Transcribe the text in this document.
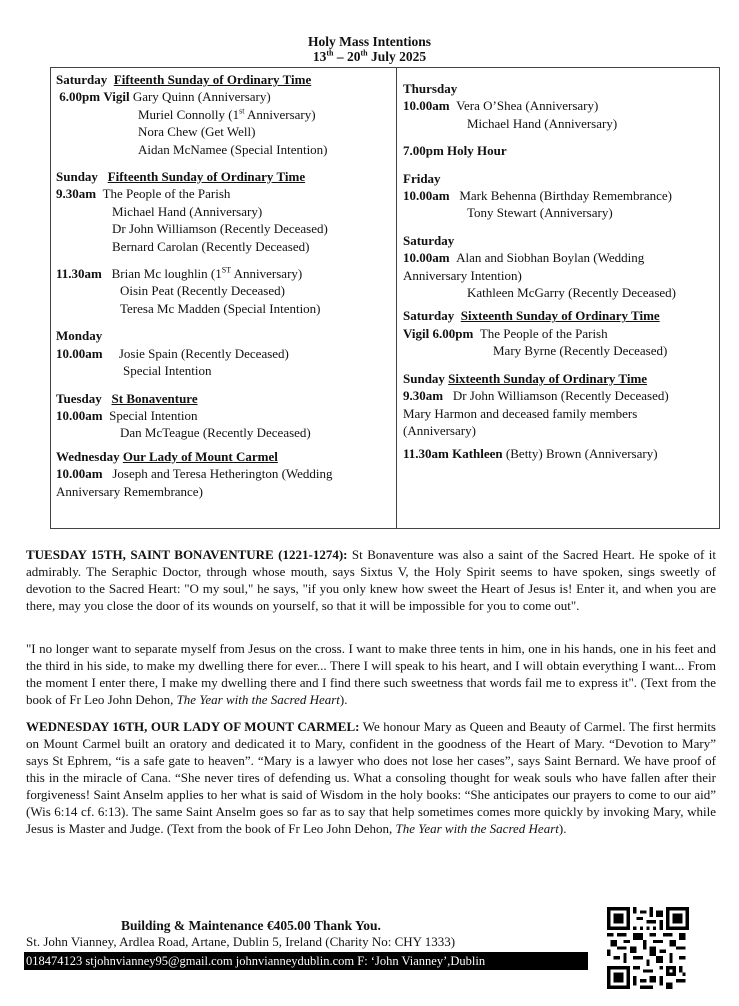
Holy Mass Intentions
13th – 20th July 2025
Saturday Fifteenth Sunday of Ordinary Time
6.00pm Vigil Gary Quinn (Anniversary)
Muriel Connolly (1st Anniversary)
Nora Chew (Get Well)
Aidan McNamee (Special Intention)
Sunday Fifteenth Sunday of Ordinary Time
9.30am The People of the Parish
Michael Hand (Anniversary)
Dr John Williamson (Recently Deceased)
Bernard Carolan (Recently Deceased)
11.30am Brian Mc loughlin (1ST Anniversary)
Oisin Peat (Recently Deceased)
Teresa Mc Madden (Special Intention)
Monday
10.00am Josie Spain (Recently Deceased)
Special Intention
Tuesday St Bonaventure
10.00am Special Intention
Dan McTeague (Recently Deceased)
Wednesday Our Lady of Mount Carmel
10.00am Joseph and Teresa Hetherington (Wedding
Anniversary Remembrance)
Thursday
10.00am Vera O’Shea (Anniversary)
Michael Hand (Anniversary)
7.00pm Holy Hour
Friday
10.00am Mark Behenna (Birthday Remembrance)
Tony Stewart (Anniversary)
Saturday
10.00am Alan and Siobhan Boylan (Wedding
Anniversary Intention)
Kathleen McGarry (Recently Deceased)
Saturday Sixteenth Sunday of Ordinary Time
Vigil 6.00pm The People of the Parish
Mary Byrne (Recently Deceased)
Sunday Sixteenth Sunday of Ordinary Time
9.30am Dr John Williamson (Recently Deceased)
Mary Harmon and deceased family members
(Anniversary)
11.30am Kathleen (Betty) Brown (Anniversary)

TUESDAY 15TH, SAINT BONAVENTURE (1221-1274): St Bonaventure was also a saint of the Sacred Heart. He spoke of it admirably. The Seraphic Doctor, through whose mouth, says Sixtus V, the Holy Spirit seems to have spoken, sings sweetly of devotion to the Sacred Heart: "O my soul," he says, "if you only knew how sweet the Heart of Jesus is! Enter it, and when you are there, may you close the door of its wounds on yourself, so that it will be impossible for you to come out".

"I no longer want to separate myself from Jesus on the cross. I want to make three tents in him, one in his hands, one in his feet and the third in his side, to make my dwelling there for ever... There I will speak to his heart, and I will obtain everything I want... From the moment I enter there, I make my dwelling there and I find there such sweetness that words fail me to express it". (Text from the book of Fr Leo John Dehon, The Year with the Sacred Heart).

WEDNESDAY 16TH, OUR LADY OF MOUNT CARMEL: We honour Mary as Queen and Beauty of Carmel. The first hermits on Mount Carmel built an oratory and dedicated it to Mary, confident in the goodness of the Heart of Mary. “Devotion to Mary” says St Ephrem, “is a safe gate to heaven”. “Mary is a lawyer who does not lose her cases”, says Saint Bernard. We have proof of this in the miracle of Cana. “She never tires of defending us. What a consoling thought for weak souls who have fallen after their forgiveness! Saint Anselm applies to her what is said of Wisdom in the holy books: “She anticipates our prayers to come to our aid” (Wis 6:14 cf. 6:13). The same Saint Anselm goes so far as to say that help sometimes comes more quickly by invoking Mary, while Jesus is Master and Judge. (Text from the book of Fr Leo John Dehon, The Year with the Sacred Heart).

Building & Maintenance €405.00 Thank You.
St. John Vianney, Ardlea Road, Artane, Dublin 5, Ireland (Charity No: CHY 1333)
018474123 stjohnvianney95@gmail.com johnvianneydublin.com F: ‘John Vianney’,Dublin
